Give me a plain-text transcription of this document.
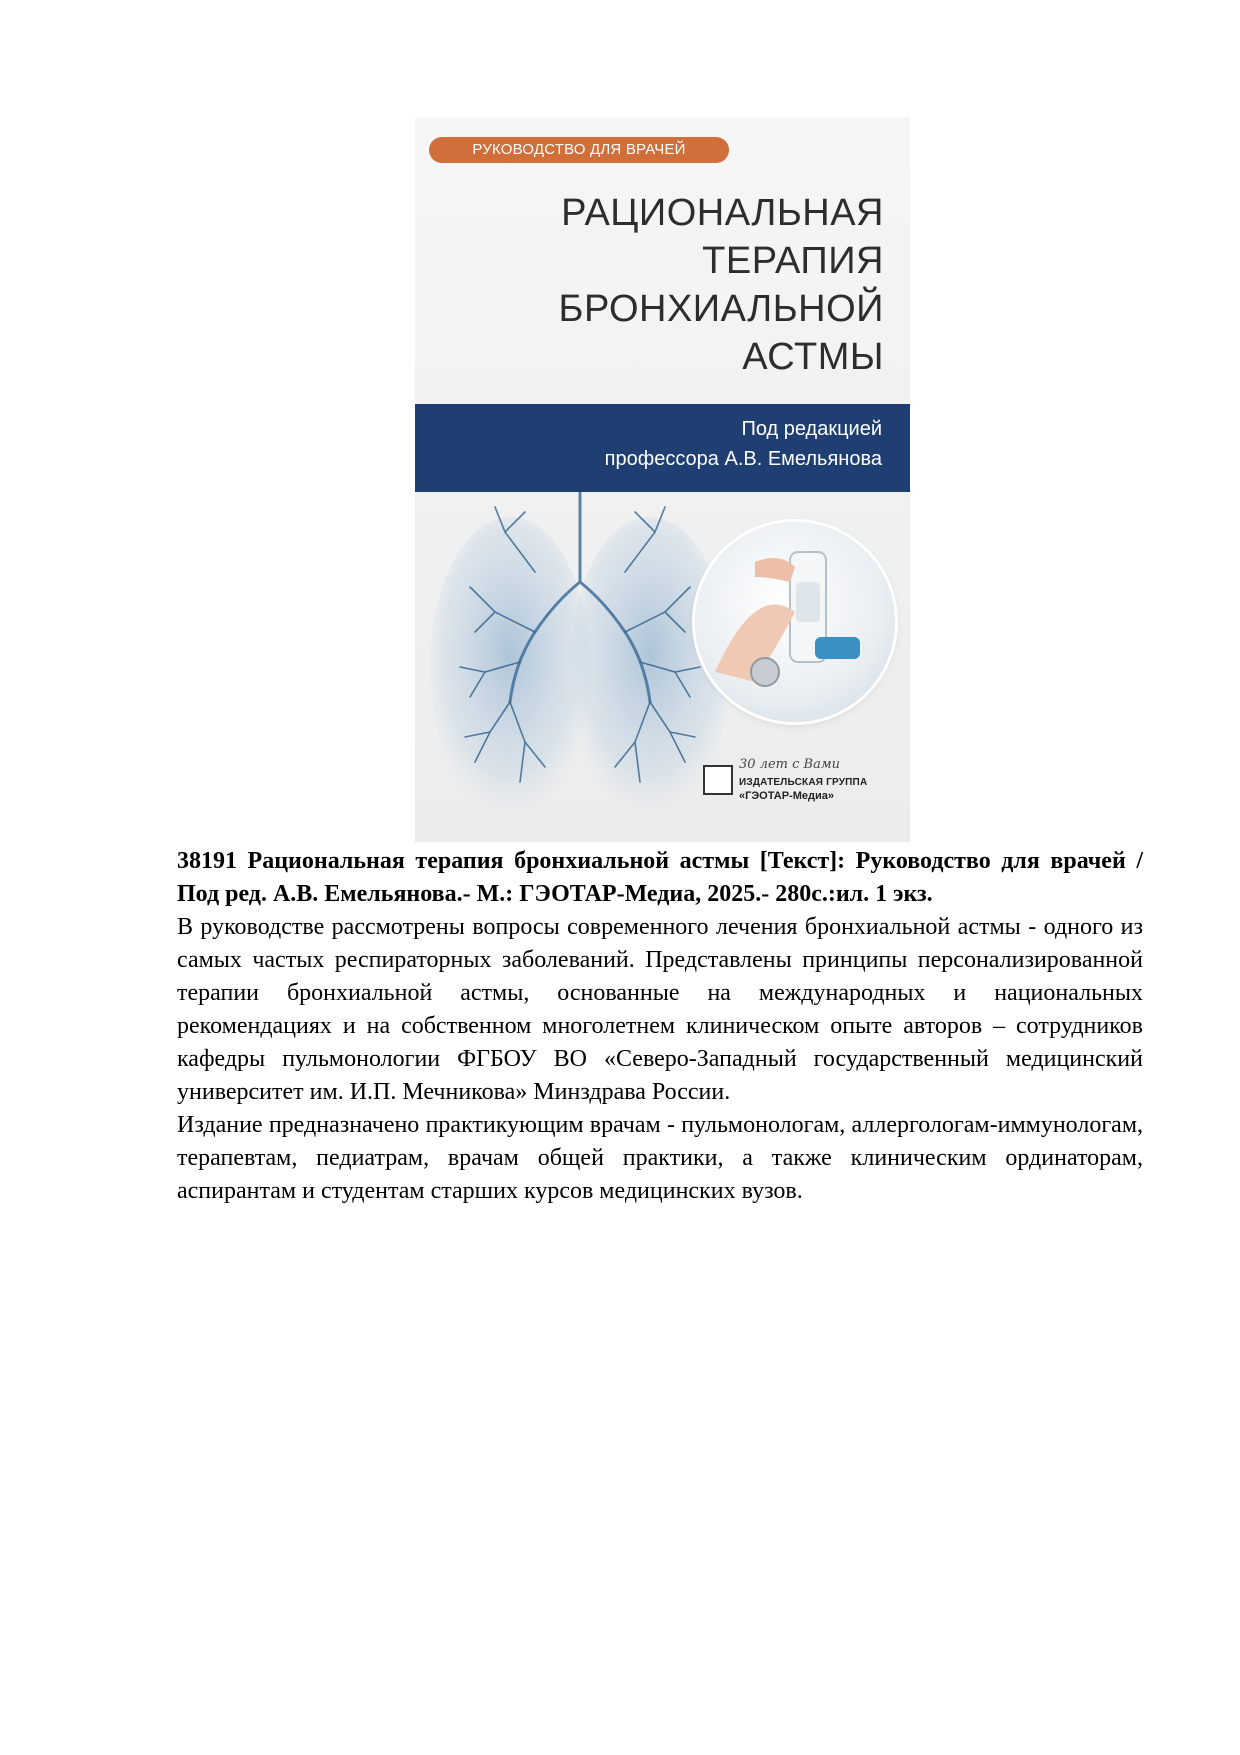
РУКОВОДСТВО ДЛЯ ВРАЧЕЙ
РАЦИОНАЛЬНАЯ
ТЕРАПИЯ
БРОНХИАЛЬНОЙ
АСТМЫ
Под редакцией
профессора А.В. Емельянова
30 лет с Вами
ИЗДАТЕЛЬСКАЯ ГРУППА
«ГЭОТАР-Медиа»

38191 Рациональная терапия бронхиальной астмы [Текст]: Руководство для врачей /Под ред. А.В. Емельянова.- М.: ГЭОТАР-Медиа, 2025.- 280с.:ил. 1 экз.

В руководстве рассмотрены вопросы современного лечения бронхиальной астмы - одного из самых частых респираторных заболеваний. Представлены принципы персонализированной терапии бронхиальной астмы, основанные на международных и национальных рекомендациях и на собственном многолетнем клиническом опыте авторов – сотрудников кафедры пульмонологии ФГБОУ ВО «Северо-Западный государственный медицинский университет им. И.П. Мечникова» Минздрава России.

Издание предназначено практикующим врачам - пульмонологам, аллергологам-иммунологам, терапевтам, педиатрам, врачам общей практики, а также клиническим ординаторам, аспирантам и студентам старших курсов медицинских вузов.
